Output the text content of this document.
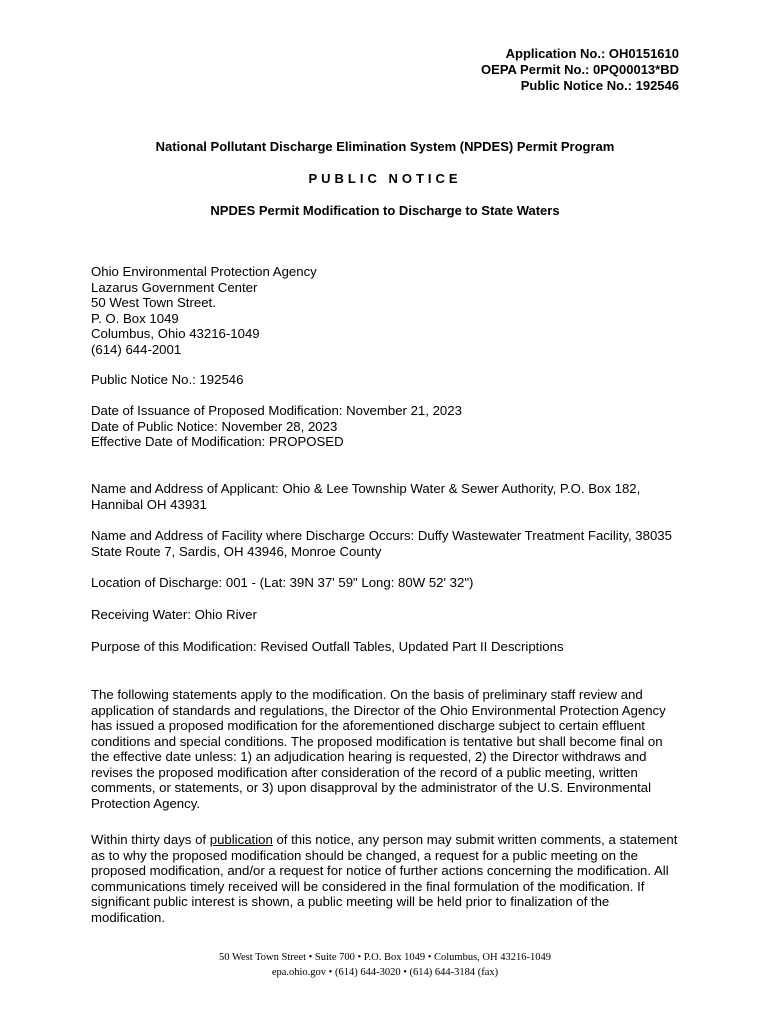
Application No.: OH0151610
OEPA Permit No.: 0PQ00013*BD
Public Notice No.: 192546
National Pollutant Discharge Elimination System (NPDES) Permit Program
PUBLIC NOTICE
NPDES Permit Modification to Discharge to State Waters
Ohio Environmental Protection Agency
Lazarus Government Center
50 West Town Street.
P. O. Box 1049
Columbus, Ohio 43216-1049
(614) 644-2001
Public Notice No.: 192546
Date of Issuance of Proposed Modification: November 21, 2023
Date of Public Notice: November 28, 2023
Effective Date of Modification: PROPOSED
Name and Address of Applicant: Ohio & Lee Township Water & Sewer Authority, P.O. Box 182, Hannibal OH 43931
Name and Address of Facility where Discharge Occurs: Duffy Wastewater Treatment Facility, 38035 State Route 7, Sardis, OH 43946, Monroe County
Location of Discharge: 001 - (Lat: 39N 37' 59" Long: 80W 52' 32")
Receiving Water: Ohio River
Purpose of this Modification: Revised Outfall Tables, Updated Part II Descriptions
The following statements apply to the modification. On the basis of preliminary staff review and application of standards and regulations, the Director of the Ohio Environmental Protection Agency has issued a proposed modification for the aforementioned discharge subject to certain effluent conditions and special conditions. The proposed modification is tentative but shall become final on the effective date unless: 1) an adjudication hearing is requested, 2) the Director withdraws and revises the proposed modification after consideration of the record of a public meeting, written comments, or statements, or 3) upon disapproval by the administrator of the U.S. Environmental Protection Agency.
Within thirty days of publication of this notice, any person may submit written comments, a statement as to why the proposed modification should be changed, a request for a public meeting on the proposed modification, and/or a request for notice of further actions concerning the modification. All communications timely received will be considered in the final formulation of the modification. If significant public interest is shown, a public meeting will be held prior to finalization of the modification.
50 West Town Street • Suite 700 • P.O. Box 1049 • Columbus, OH 43216-1049
epa.ohio.gov • (614) 644-3020 • (614) 644-3184 (fax)
